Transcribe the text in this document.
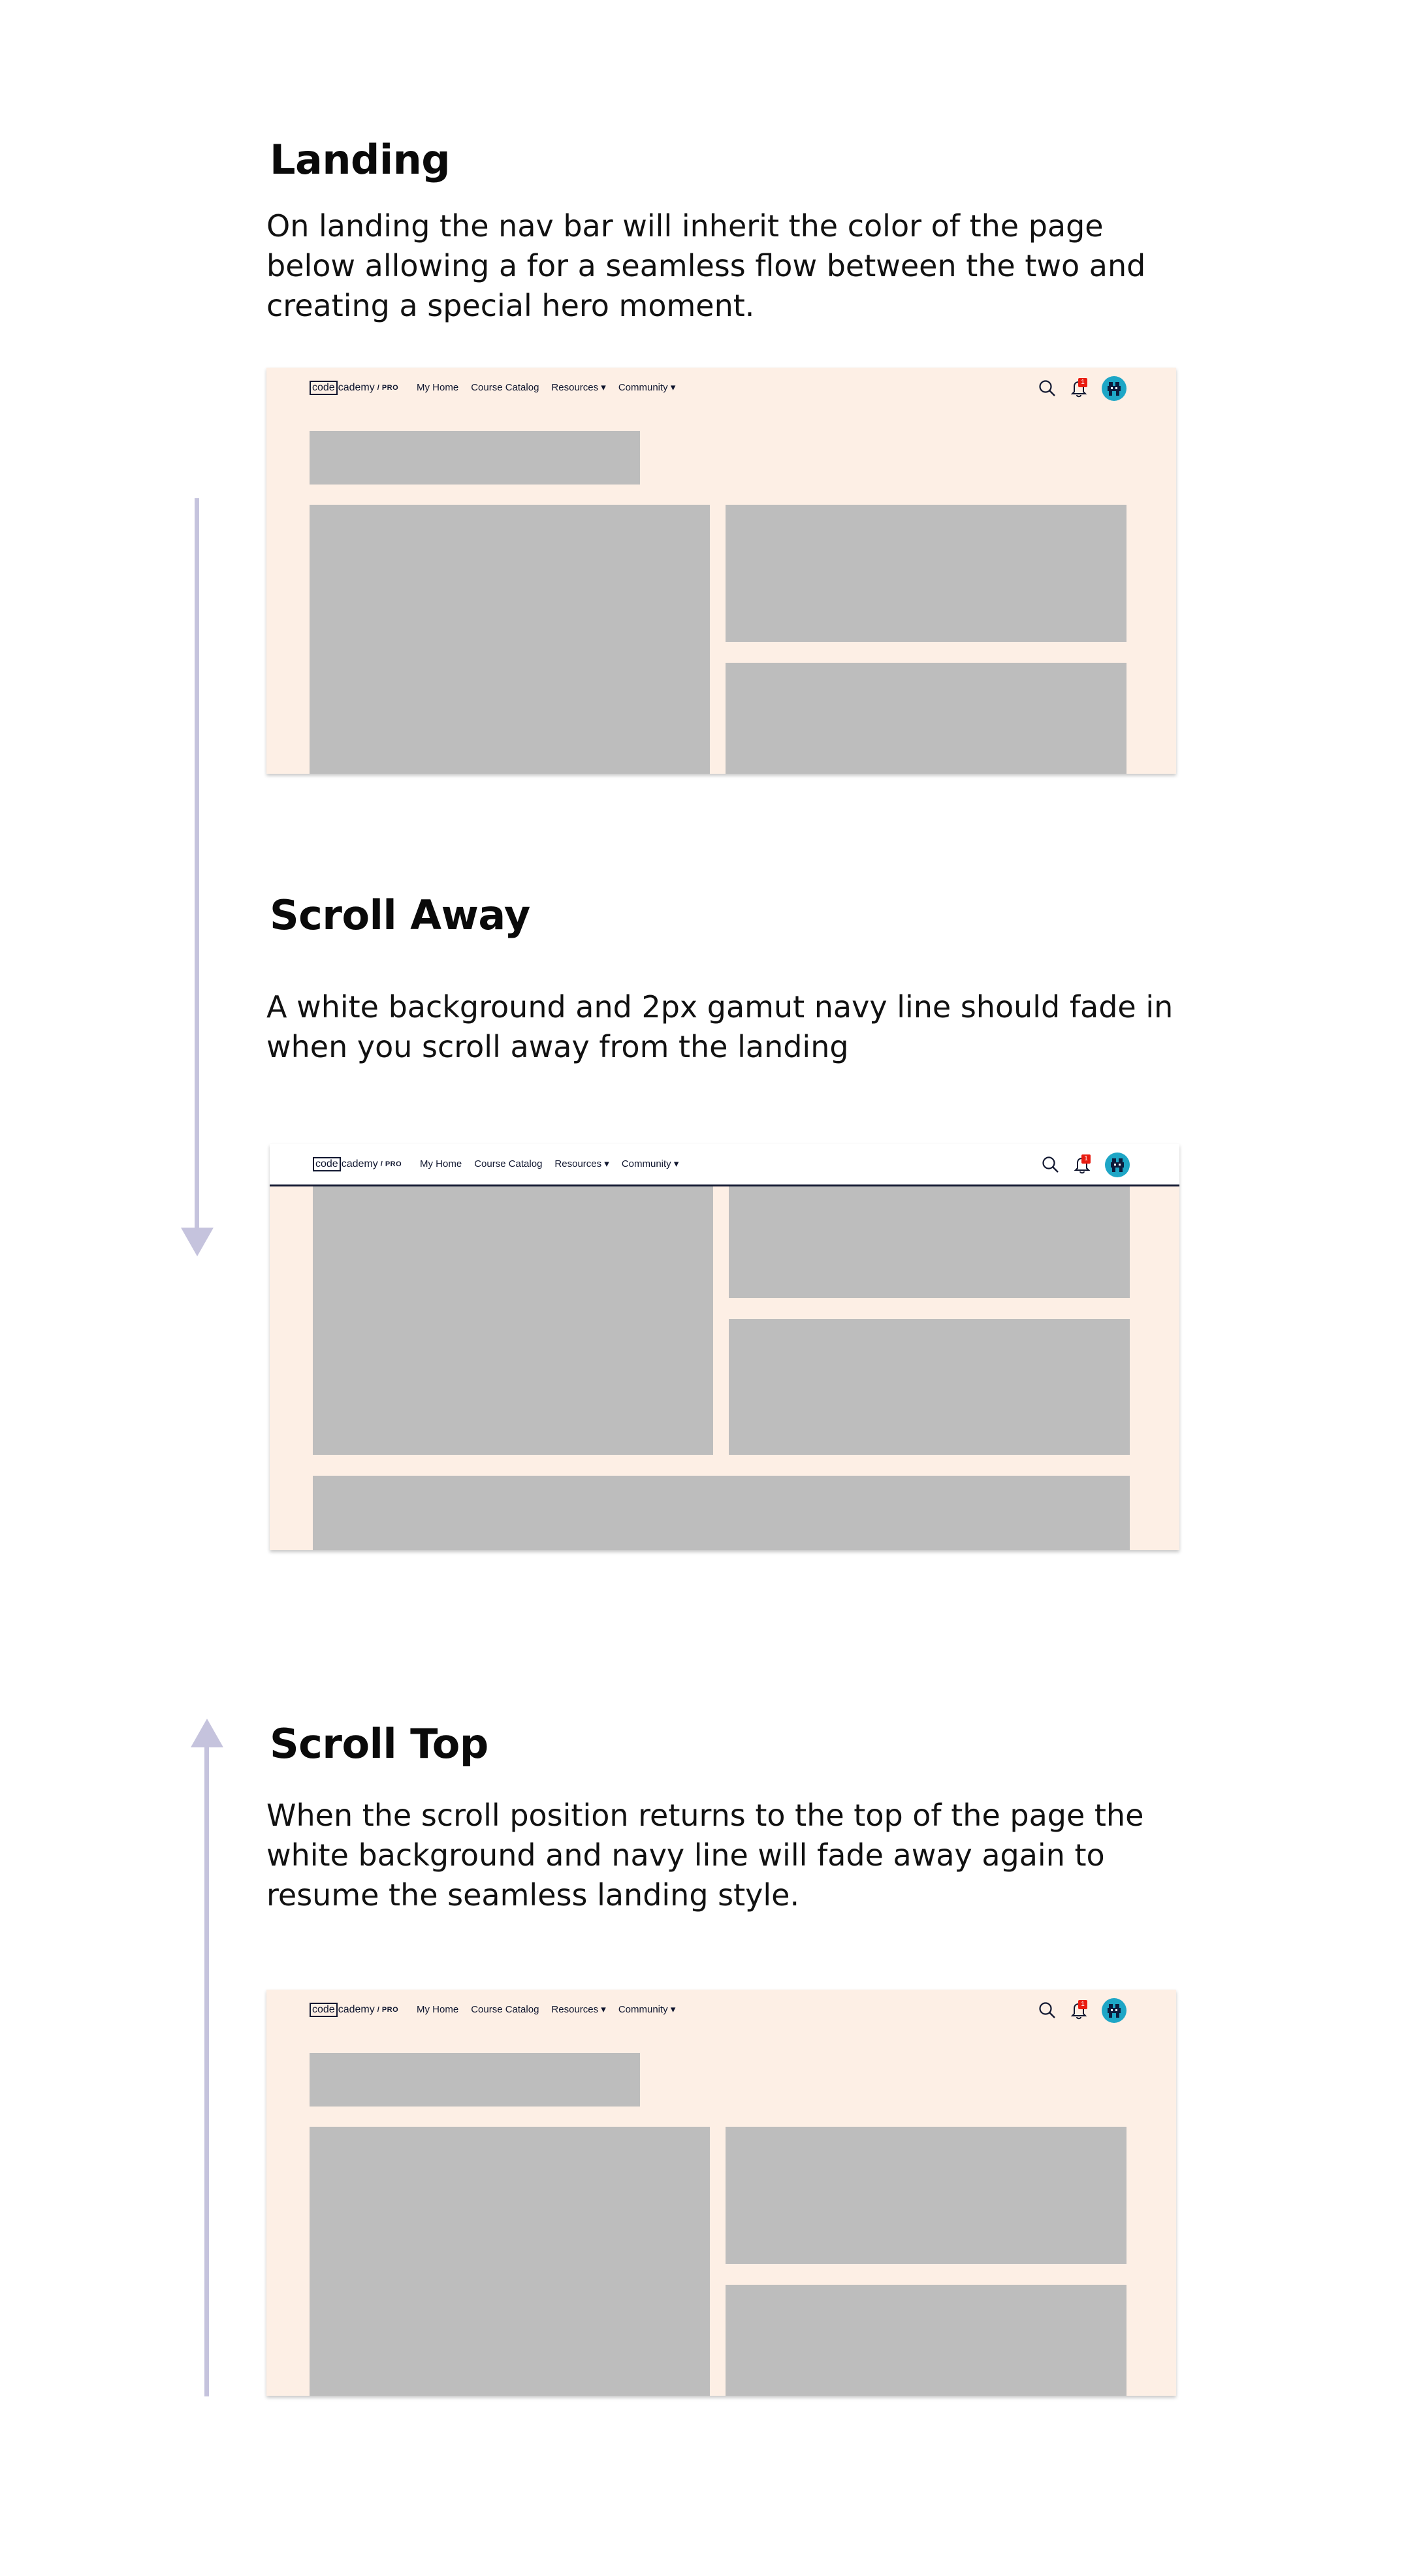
Landing

On landing the nav bar will inherit the color of the page below allowing a for a seamless flow between the two and creating a special hero moment.

code cademy / PRO My Home Course Catalog Resources ▾ Community ▾	1
Scroll Away

A white background and 2px gamut navy line should fade in when you scroll away from the landing

code cademy / PRO My Home Course Catalog Resources ▾ Community ▾	1
Scroll Top

When the scroll position returns to the top of the page the white background and navy line will fade away again to resume the seamless landing style.

code cademy / PRO My Home Course Catalog Resources ▾ Community ▾	1
